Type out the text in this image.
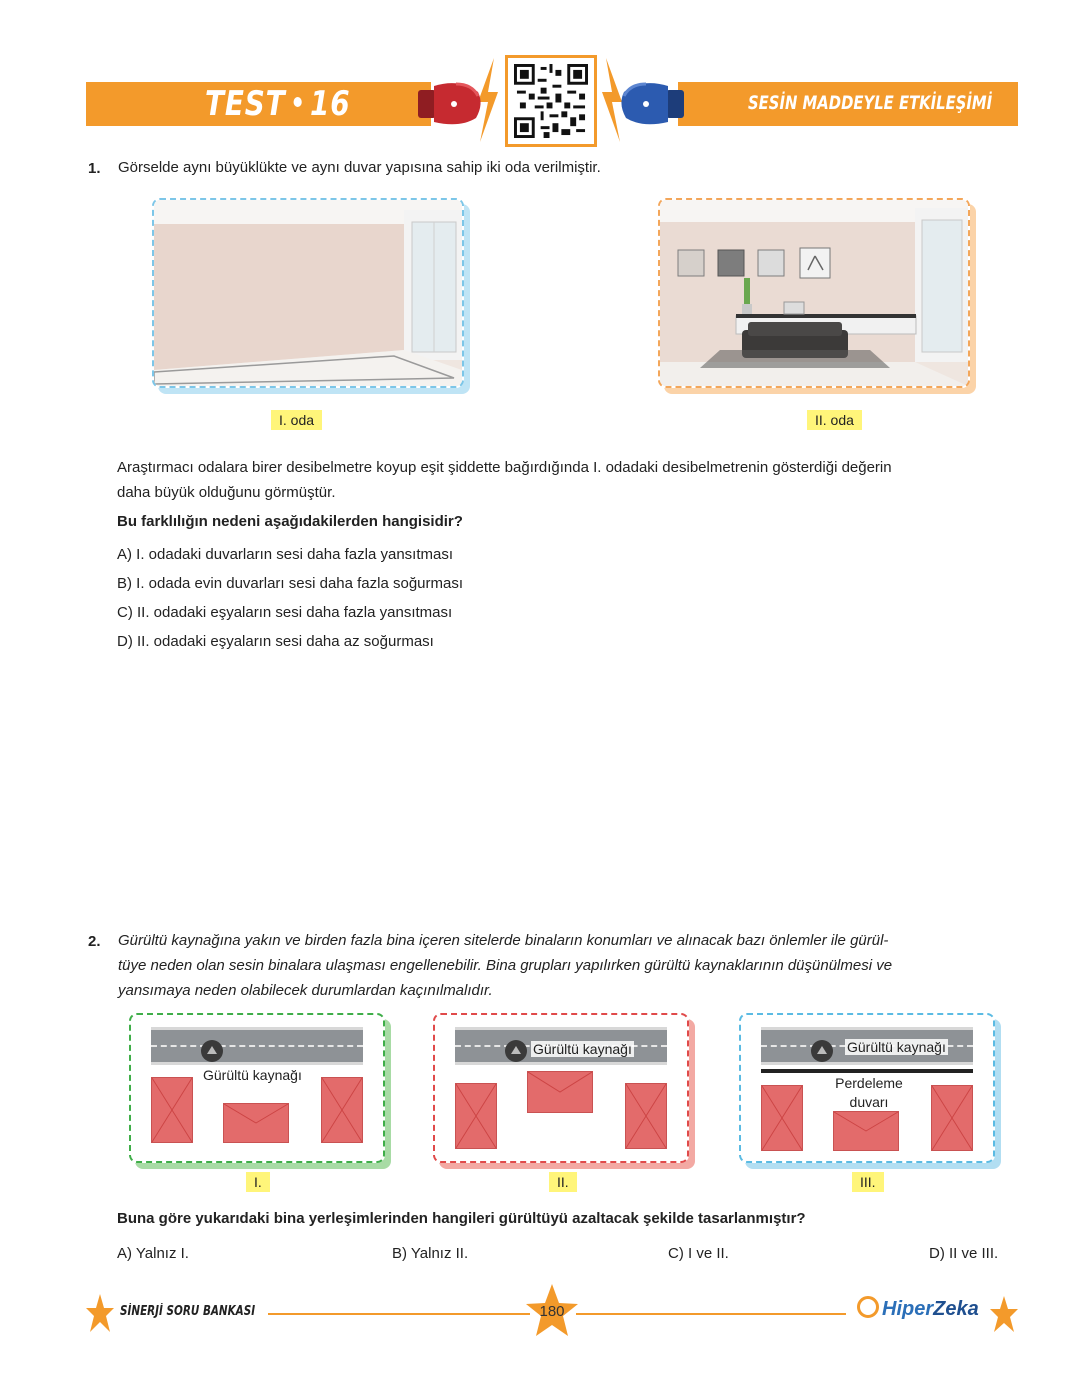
TEST 16	SESİN MADDEYLE ETKİLEŞİMİ
1. Görselde aynı büyüklükte ve aynı duvar yapısına sahip iki oda verilmiştir.
I. oda	II. oda
Araştırmacı odalara birer desibelmetre koyup eşit şiddette bağırdığında I. odadaki desibelmetrenin gösterdiği değerin
daha büyük olduğunu görmüştür.
Bu farklılığın nedeni aşağıdakilerden hangisidir?
A) I. odadaki duvarların sesi daha fazla yansıtması
B) I. odada evin duvarları sesi daha fazla soğurması
C) II. odadaki eşyaların sesi daha fazla yansıtması
D) II. odadaki eşyaların sesi daha az soğurması
2. Gürültü kaynağına yakın ve birden fazla bina içeren sitelerde binaların konumları ve alınacak bazı önlemler ile gürül-
tüye neden olan sesin binalara ulaşması engellenebilir. Bina grupları yapılırken gürültü kaynaklarının düşünülmesi ve
yansımaya neden olabilecek durumlardan kaçınılmalıdır.
Gürültü kaynağı
I.
Gürültü kaynağı
II.
Gürültü kaynağı
Perdeleme
duvarı
III.
Buna göre yukarıdaki bina yerleşimlerinden hangileri gürültüyü azaltacak şekilde tasarlanmıştır?
A) Yalnız I.	B) Yalnız II.	C) I ve II.	D) II ve III.
SİNERJİ SORU BANKASI	180	HiperZeka
